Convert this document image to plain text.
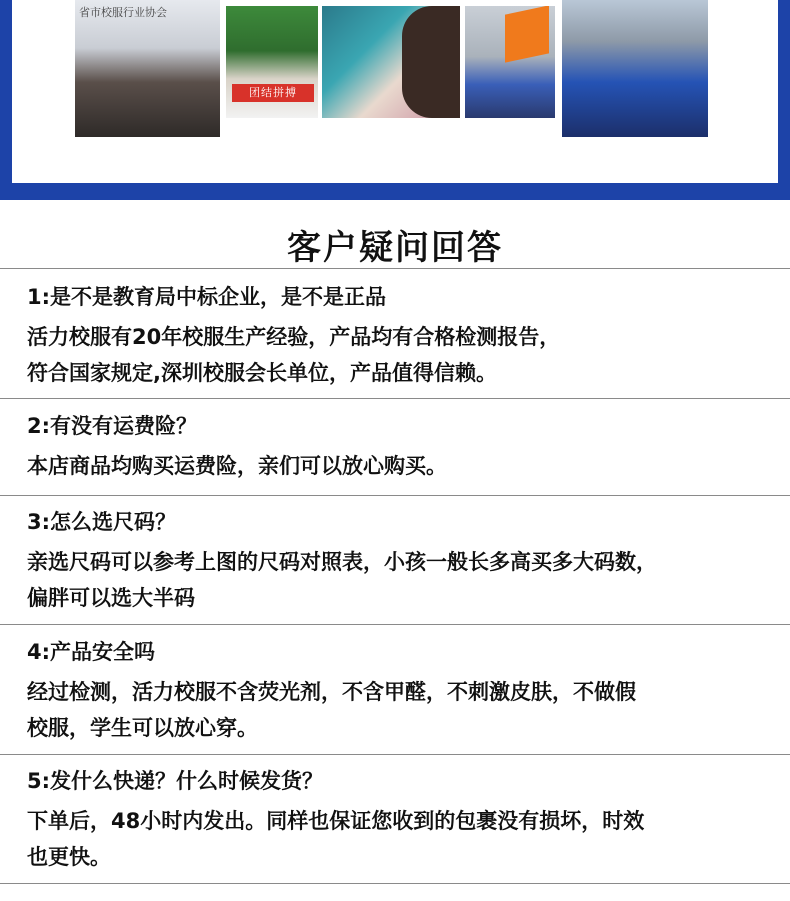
省市校服行业协会
团结拼搏
客户疑问回答
1:是不是教育局中标企业，是不是正品
活力校服有20年校服生产经验，产品均有合格检测报告，
符合国家规定,深圳校服会长单位，产品值得信赖。
2:有没有运费险？
本店商品均购买运费险，亲们可以放心购买。
3:怎么选尺码？
亲选尺码可以参考上图的尺码对照表，小孩一般长多高买多大码数，
偏胖可以选大半码
4:产品安全吗
经过检测，活力校服不含荧光剂，不含甲醛，不刺激皮肤，不做假
校服，学生可以放心穿。
5:发什么快递？什么时候发货？
下单后，48小时内发出。同样也保证您收到的包裹没有损坏，时效
也更快。
